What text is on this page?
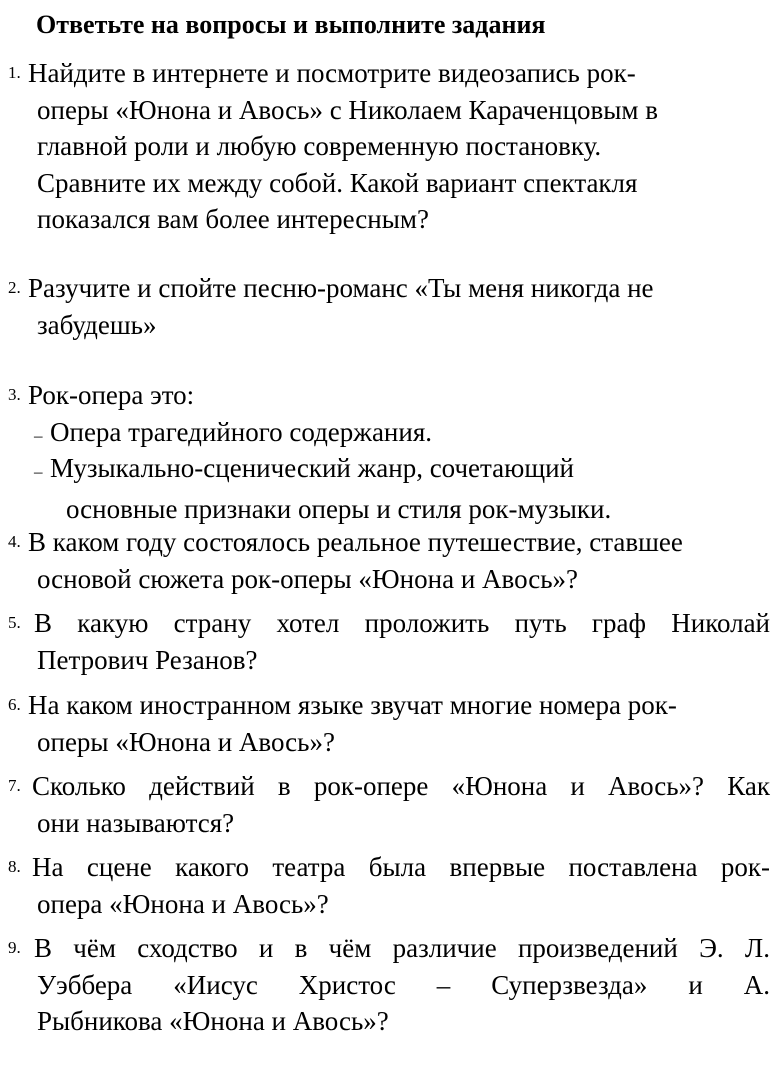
Ответьте на вопросы и выполните задания
1. Найдите в интернете и посмотрите видеозапись рок-
оперы «Юнона и Авось» с Николаем Караченцовым в
главной роли и любую современную постановку.
Сравните их между собой. Какой вариант спектакля
показался вам более интересным?
2. Разучите и спойте песню-романс «Ты меня никогда не
забудешь»
3. Рок-опера это:
– Опера трагедийного содержания.
– Музыкально-сценический жанр, сочетающий
основные признаки оперы и стиля рок-музыки.
4. В каком году состоялось реальное путешествие, ставшее
основой сюжета рок-оперы «Юнона и Авось»?
5. В какую страну хотел проложить путь граф Николай
Петрович Резанов?
6. На каком иностранном языке звучат многие номера рок-
оперы «Юнона и Авось»?
7. Сколько действий в рок-опере «Юнона и Авось»? Как
они называются?
8. На сцене какого театра была впервые поставлена рок-
опера «Юнона и Авось»?
9. В чём сходство и в чём различие произведений Э. Л.
Уэббера «Иисус Христос – Суперзвезда» и А.
Рыбникова «Юнона и Авось»?
